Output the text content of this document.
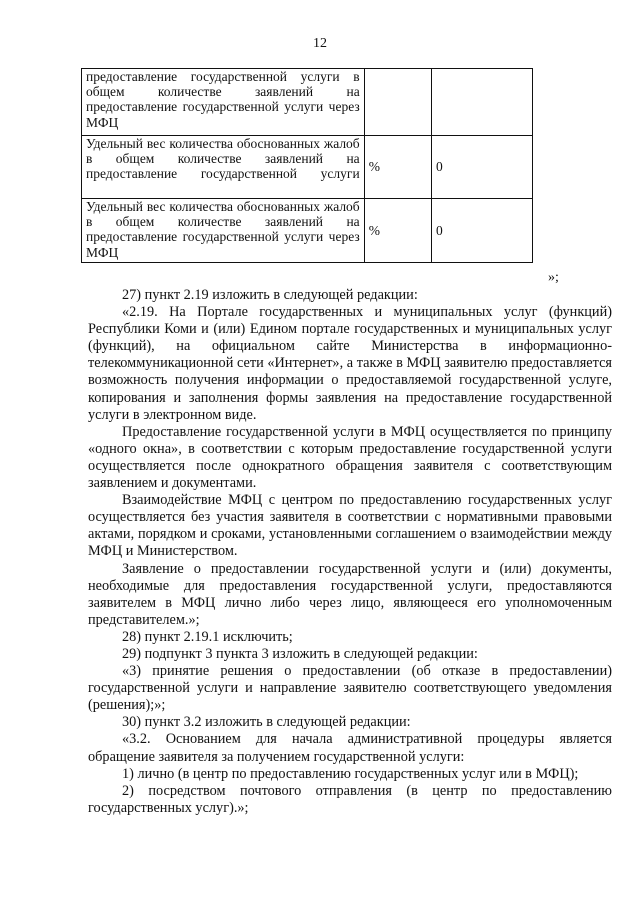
12
предоставление государственной услуги в общем количестве заявлений на предоставление государственной услуги через МФЦ		
Удельный вес количества обоснованных жалоб в общем количестве заявлений на предоставление государственной услуги	%	0
Удельный вес количества обоснованных жалоб в общем количестве заявлений на предоставление государственной услуги через МФЦ	%	0
»;

27) пункт 2.19 изложить в следующей редакции:

«2.19. На Портале государственных и муниципальных услуг (функций) Республики Коми и (или) Едином портале государственных и муниципальных услуг (функций), на официальном сайте Министерства в информационно-телекоммуникационной сети «Интернет», а также в МФЦ заявителю предоставляется возможность получения информации о предоставляемой государственной услуге, копирования и заполнения формы заявления на предоставление государственной услуги в электронном виде.

Предоставление государственной услуги в МФЦ осуществляется по принципу «одного окна», в соответствии с которым предоставление государственной услуги осуществляется после однократного обращения заявителя с соответствующим заявлением и документами.

Взаимодействие МФЦ с центром по предоставлению государственных услуг осуществляется без участия заявителя в соответствии с нормативными правовыми актами, порядком и сроками, установленными соглашением о взаимодействии между МФЦ и Министерством.

Заявление о предоставлении государственной услуги и (или) документы, необходимые для предоставления государственной услуги, предоставляются заявителем в МФЦ лично либо через лицо, являющееся его уполномоченным представителем.»;

28) пункт 2.19.1 исключить;

29) подпункт 3 пункта 3 изложить в следующей редакции:

«3) принятие решения о предоставлении (об отказе в предоставлении) государственной услуги и направление заявителю соответствующего уведомления (решения);»;

30) пункт 3.2 изложить в следующей редакции:

«3.2. Основанием для начала административной процедуры является обращение заявителя за получением государственной услуги:

1) лично (в центр по предоставлению государственных услуг или в МФЦ);

2) посредством почтового отправления (в центр по предоставлению государственных услуг).»;
